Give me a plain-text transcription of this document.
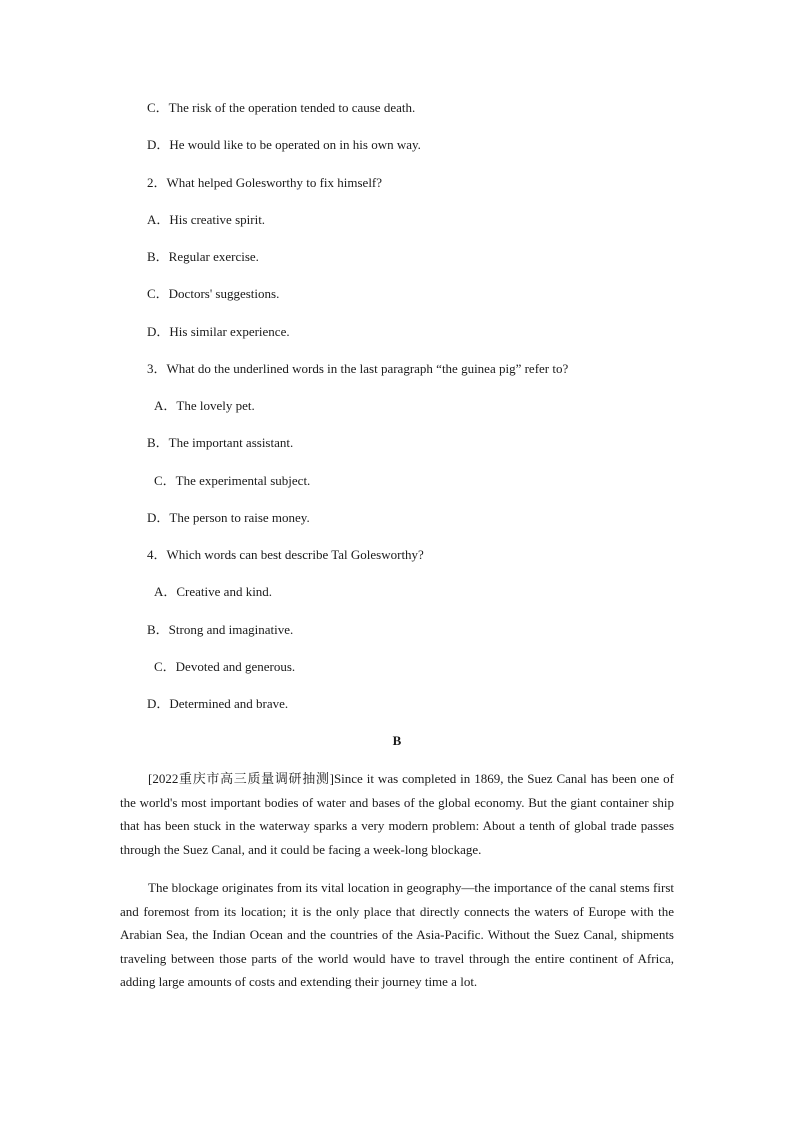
C．The risk of the operation tended to cause death.
D．He would like to be operated on in his own way.
2．What helped Golesworthy to fix himself?
A．His creative spirit.
B．Regular exercise.
C．Doctors' suggestions.
D．His similar experience.
3．What do the underlined words in the last paragraph “the guinea pig” refer to?
A．The lovely pet.
B．The important assistant.
C．The experimental subject.
D．The person to raise money.
4．Which words can best describe Tal Golesworthy?
A．Creative and kind.
B．Strong and imaginative.
C．Devoted and generous.
D．Determined and brave.
B

[2022重庆市高三质量调研抽测]Since it was completed in 1869, the Suez Canal has been one of the world's most important bodies of water and bases of the global economy. But the giant container ship that has been stuck in the waterway sparks a very modern problem: About a tenth of global trade passes through the Suez Canal, and it could be facing a week-long blockage.

The blockage originates from its vital location in geography—the importance of the canal stems first and foremost from its location; it is the only place that directly connects the waters of Europe with the Arabian Sea, the Indian Ocean and the countries of the Asia-Pacific. Without the Suez Canal, shipments traveling between those parts of the world would have to travel through the entire continent of Africa, adding large amounts of costs and extending their journey time a lot.
